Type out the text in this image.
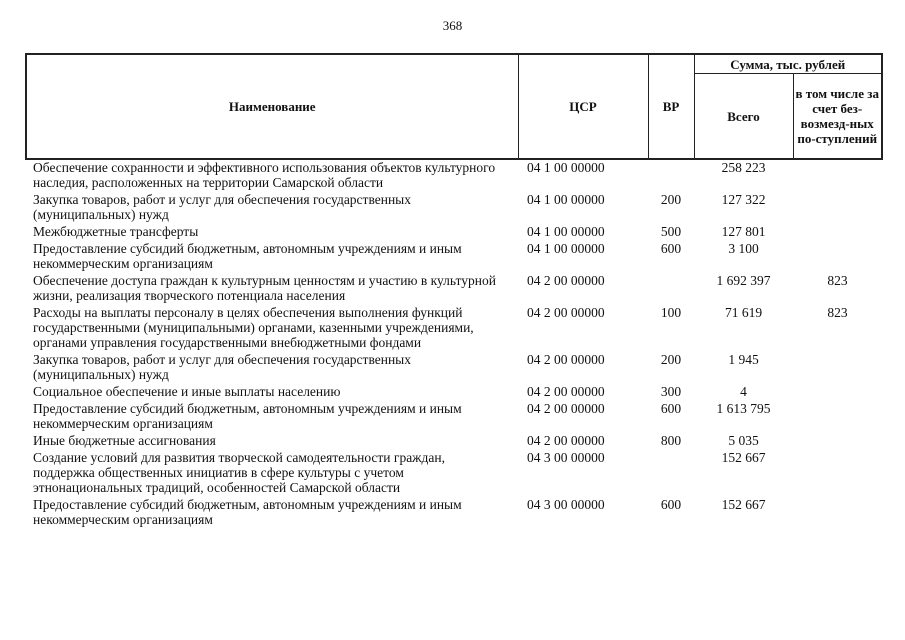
368
Наименование	ЦСР	ВР	Сумма, тыс. рублей	
			Всего	в том числе за счет без-возмезд-ных по-ступлений
Обеспечение сохранности и эффективного использования объектов культурного наследия, расположенных на территории Самарской области	04 1 00 00000		258 223	
Закупка товаров, работ и услуг для обеспечения государственных (муниципальных) нужд	04 1 00 00000	200	127 322	
Межбюджетные трансферты	04 1 00 00000	500	127 801	
Предоставление субсидий бюджетным, автономным учреждениям и иным некоммерческим организациям	04 1 00 00000	600	3 100	
Обеспечение доступа граждан к культурным ценностям и участию в культурной жизни, реализация творческого потенциала населения	04 2 00 00000		1 692 397	823
Расходы на выплаты персоналу в целях обеспечения выполнения функций государственными (муниципальными) органами, казенными учреждениями, органами управления государственными внебюджетными фондами	04 2 00 00000	100	71 619	823
Закупка товаров, работ и услуг для обеспечения государственных (муниципальных) нужд	04 2 00 00000	200	1 945	
Социальное обеспечение и иные выплаты населению	04 2 00 00000	300	4	
Предоставление субсидий бюджетным, автономным учреждениям и иным некоммерческим организациям	04 2 00 00000	600	1 613 795	
Иные бюджетные ассигнования	04 2 00 00000	800	5 035	
Создание условий для развития творческой самодеятельности граждан, поддержка общественных инициатив в сфере культуры с учетом этнонациональных традиций, особенностей Самарской области	04 3 00 00000		152 667	
Предоставление субсидий бюджетным, автономным учреждениям и иным некоммерческим организациям	04 3 00 00000	600	152 667	
